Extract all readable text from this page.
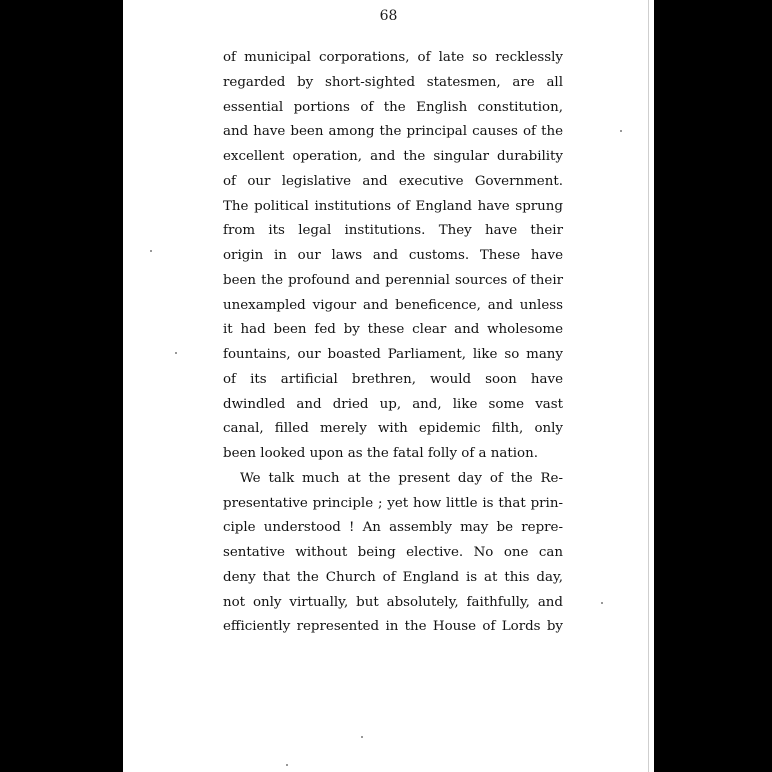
68
of municipal corporations, of late so recklessly
regarded by short-sighted statesmen, are all
essential portions of the English constitution,
and have been among the principal causes of the
excellent operation, and the singular durability
of our legislative and executive Government.
The political institutions of England have sprung
from its legal institutions. They have their
origin in our laws and customs. These have
been the profound and perennial sources of their
unexampled vigour and beneficence, and unless
it had been fed by these clear and wholesome
fountains, our boasted Parliament, like so many
of its artificial brethren, would soon have
dwindled and dried up, and, like some vast
canal, filled merely with epidemic filth, only
been looked upon as the fatal folly of a nation.
We talk much at the present day of the Re-
presentative principle ; yet how little is that prin-
ciple understood ! An assembly may be repre-
sentative without being elective. No one can
deny that the Church of England is at this day,
not only virtually, but absolutely, faithfully, and
efficiently represented in the House of Lords by
